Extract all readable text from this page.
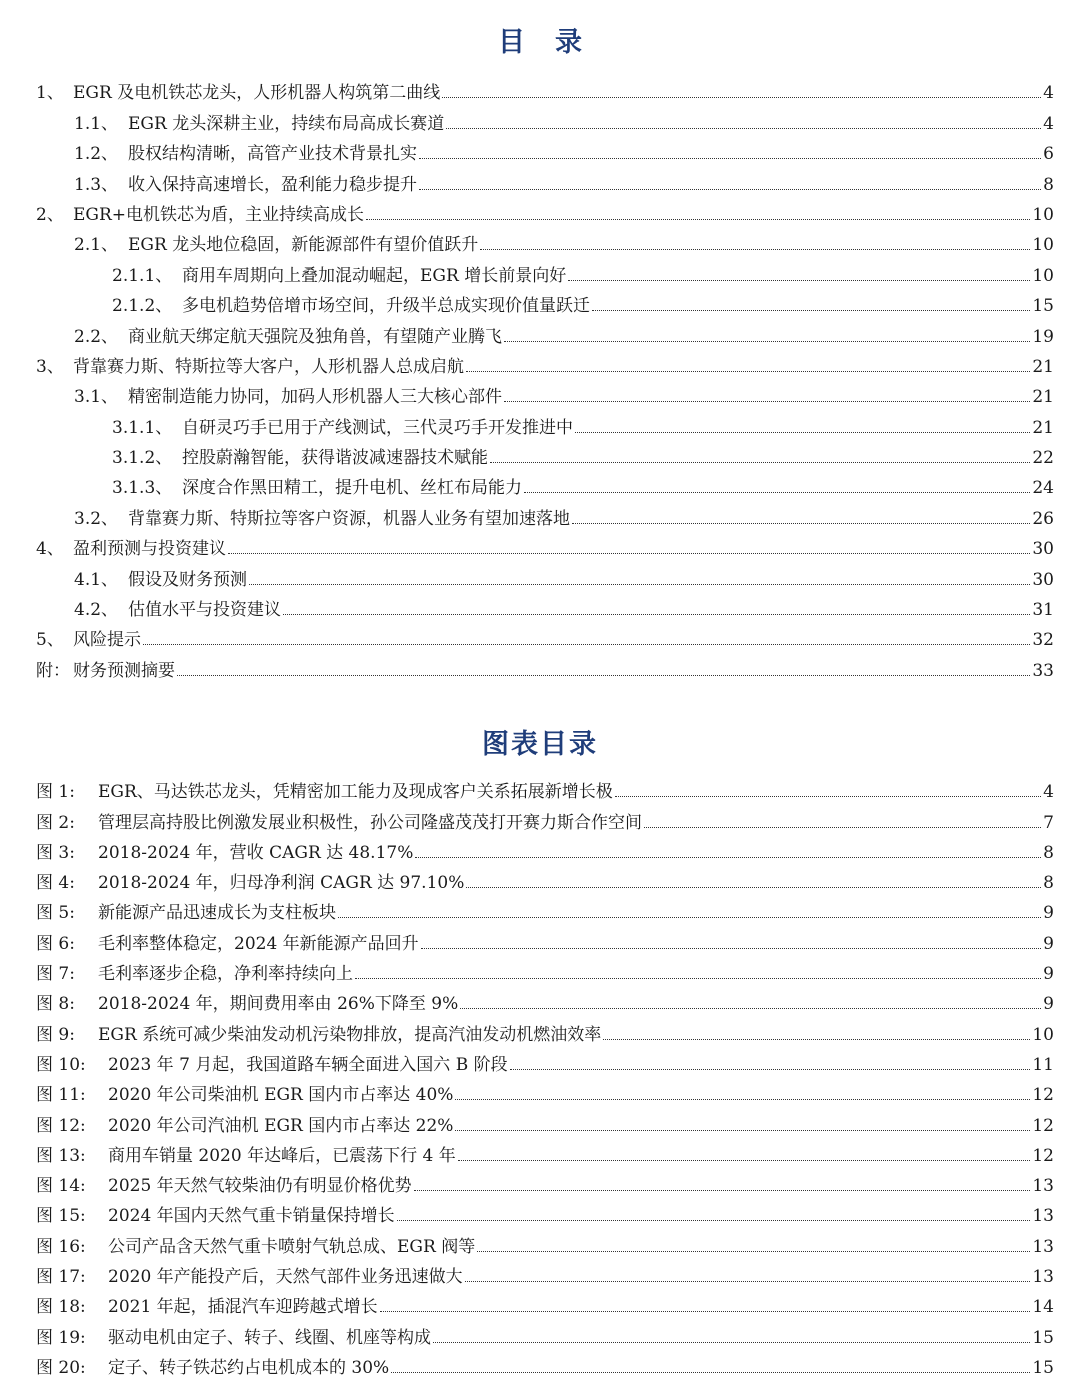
目录
1、 EGR 及电机铁芯龙头，人形机器人构筑第二曲线	4
1.1、 EGR 龙头深耕主业，持续布局高成长赛道	4
1.2、 股权结构清晰，高管产业技术背景扎实	6
1.3、 收入保持高速增长，盈利能力稳步提升	8
2、 EGR+电机铁芯为盾，主业持续高成长	10
2.1、 EGR 龙头地位稳固，新能源部件有望价值跃升	10
2.1.1、 商用车周期向上叠加混动崛起，EGR 增长前景向好	10
2.1.2、 多电机趋势倍增市场空间，升级半总成实现价值量跃迁	15
2.2、 商业航天绑定航天强院及独角兽，有望随产业腾飞	19
3、 背靠赛力斯、特斯拉等大客户，人形机器人总成启航	21
3.1、 精密制造能力协同，加码人形机器人三大核心部件	21
3.1.1、 自研灵巧手已用于产线测试，三代灵巧手开发推进中	21
3.1.2、 控股蔚瀚智能，获得谐波减速器技术赋能	22
3.1.3、 深度合作黑田精工，提升电机、丝杠布局能力	24
3.2、 背靠赛力斯、特斯拉等客户资源，机器人业务有望加速落地	26
4、 盈利预测与投资建议	30
4.1、 假设及财务预测	30
4.2、 估值水平与投资建议	31
5、 风险提示	32
附： 财务预测摘要	33
图表目录
图 1:	EGR、马达铁芯龙头，凭精密加工能力及现成客户关系拓展新增长极	4
图 2:	管理层高持股比例激发展业积极性，孙公司隆盛茂茂打开赛力斯合作空间	7
图 3:	2018-2024 年，营收 CAGR 达 48.17%	8
图 4:	2018-2024 年，归母净利润 CAGR 达 97.10%	8
图 5:	新能源产品迅速成长为支柱板块	9
图 6:	毛利率整体稳定，2024 年新能源产品回升	9
图 7:	毛利率逐步企稳，净利率持续向上	9
图 8:	2018-2024 年，期间费用率由 26%下降至 9%	9
图 9:	EGR 系统可减少柴油发动机污染物排放，提高汽油发动机燃油效率	10
图 10:	2023 年 7 月起，我国道路车辆全面进入国六 B 阶段	11
图 11:	2020 年公司柴油机 EGR 国内市占率达 40%	12
图 12:	2020 年公司汽油机 EGR 国内市占率达 22%	12
图 13:	商用车销量 2020 年达峰后，已震荡下行 4 年	12
图 14:	2025 年天然气较柴油仍有明显价格优势	13
图 15:	2024 年国内天然气重卡销量保持增长	13
图 16:	公司产品含天然气重卡喷射气轨总成、EGR 阀等	13
图 17:	2020 年产能投产后，天然气部件业务迅速做大	13
图 18:	2021 年起，插混汽车迎跨越式增长	14
图 19:	驱动电机由定子、转子、线圈、机座等构成	15
图 20:	定子、转子铁芯约占电机成本的 30%	15
